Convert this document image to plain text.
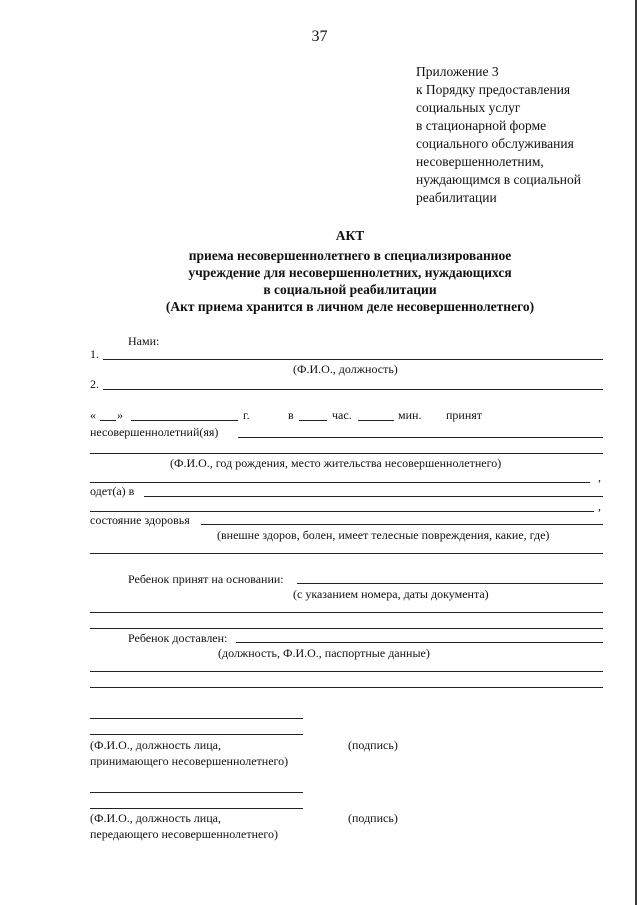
37
Приложение 3
к Порядку предоставления
социальных услуг
в стационарной форме
социального обслуживания
несовершеннолетним,
нуждающимся в социальной
реабилитации
АКТ
приема несовершеннолетнего в специализированное
учреждение для несовершеннолетних, нуждающихся
в социальной реабилитации
(Акт приема хранится в личном деле несовершеннолетнего)
Нами:
1.
(Ф.И.О., должность)
2.
« »	г.	в	час.	мин. принят
несовершеннолетний(яя)
(Ф.И.О., год рождения, место жительства несовершеннолетнего)
,
одет(а) в
,
состояние здоровья
(внешне здоров, болен, имеет телесные повреждения, какие, где)
Ребенок принят на основании:
(с указанием номера, даты документа)
Ребенок доставлен:
(должность, Ф.И.О., паспортные данные)
(Ф.И.О., должность лица,
принимающего несовершеннолетнего)
(подпись)
(Ф.И.О., должность лица,
передающего несовершеннолетнего)
(подпись)
